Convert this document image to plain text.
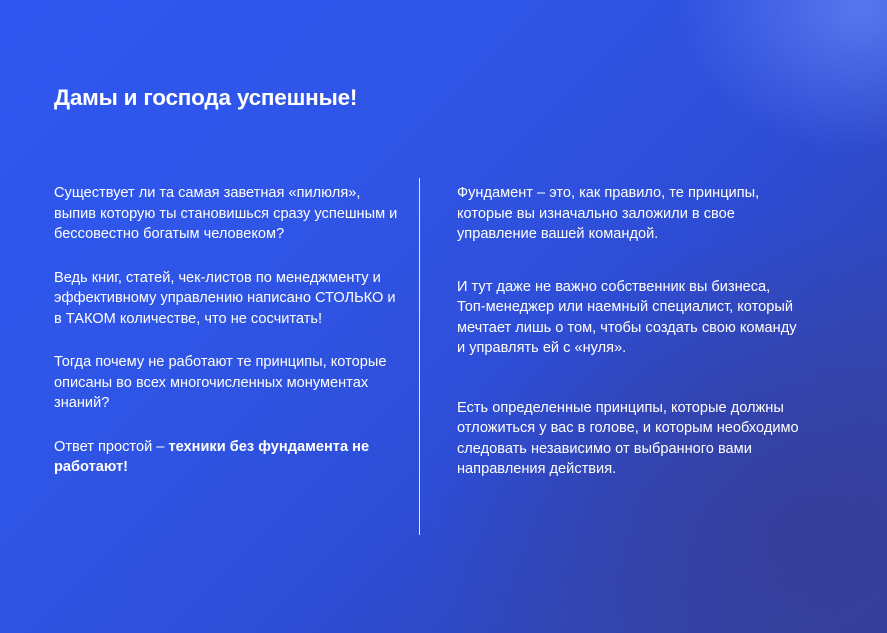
Дамы и господа успешные!

Существует ли та самая заветная «пилюля», выпив которую ты становишься сразу успешным и бессовестно богатым человеком?

Ведь книг, статей, чек-листов по менеджменту и эффективному управлению написано СТОЛЬКО и в ТАКОМ количестве, что не сосчитать!

Тогда почему не работают те принципы, которые описаны во всех многочисленных монументах знаний?

Ответ простой – техники без фундамента не работают!

Фундамент – это, как правило, те принципы, которые вы изначально заложили в свое управление вашей командой.

И тут даже не важно собственник вы бизнеса, Топ-менеджер или наемный специалист, который мечтает лишь о том, чтобы создать свою команду и управлять ей с «нуля».

Есть определенные принципы, которые должны отложиться у вас в голове, и которым необходимо следовать независимо от выбранного вами направления действия.
